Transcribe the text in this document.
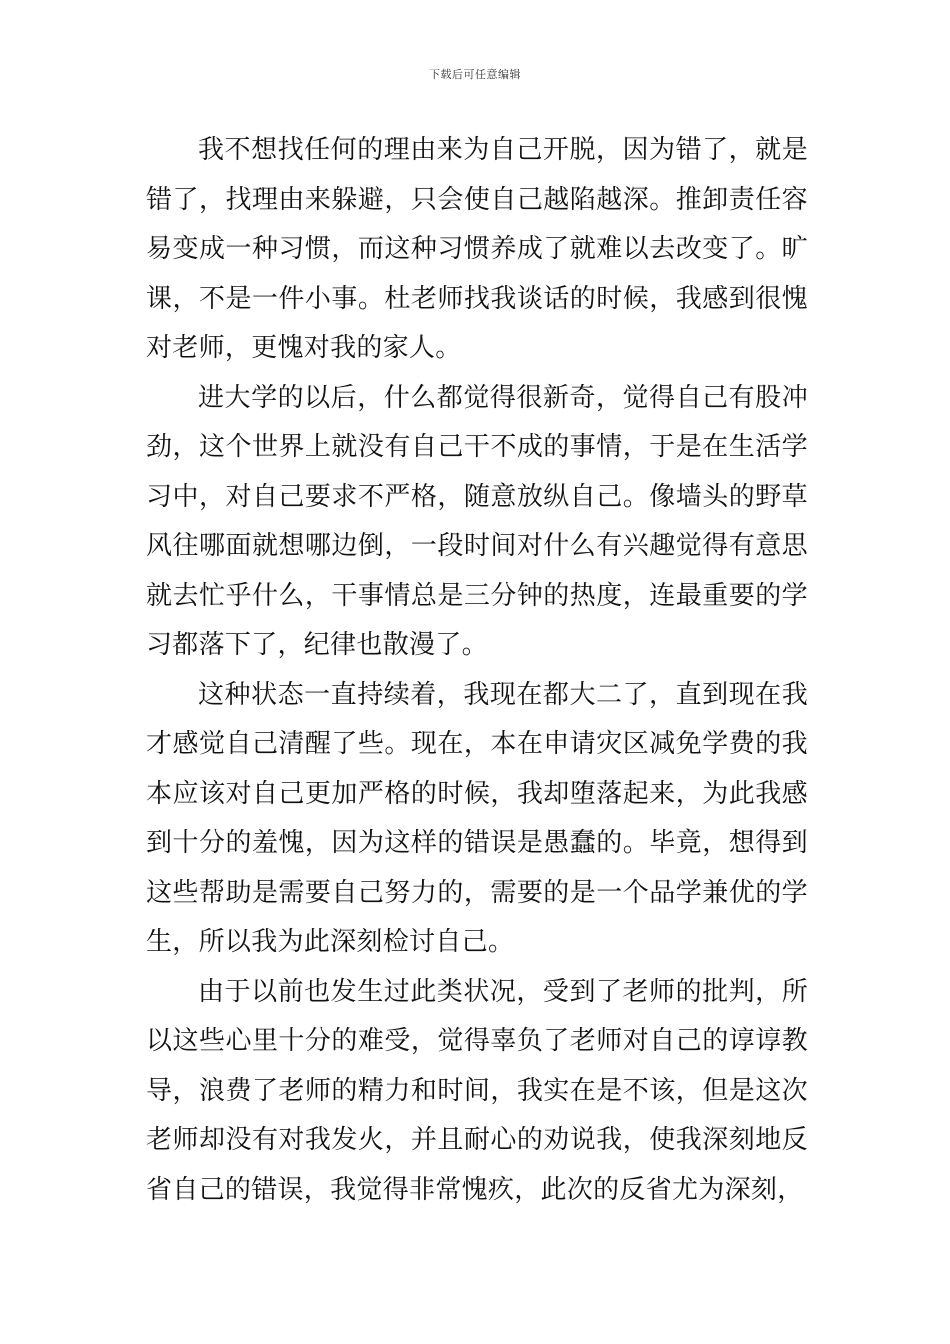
下载后可任意编辑

我不想找任何的理由来为自己开脱，因为错了，就是错了，找理由来躲避，只会使自己越陷越深。推卸责任容易变成一种习惯，而这种习惯养成了就难以去改变了。旷课，不是一件小事。杜老师找我谈话的时候，我感到很愧对老师，更愧对我的家人。

进大学的以后，什么都觉得很新奇，觉得自己有股冲劲，这个世界上就没有自己干不成的事情，于是在生活学习中，对自己要求不严格，随意放纵自己。像墙头的野草风往哪面就想哪边倒，一段时间对什么有兴趣觉得有意思就去忙乎什么，干事情总是三分钟的热度，连最重要的学习都落下了，纪律也散漫了。

这种状态一直持续着，我现在都大二了，直到现在我才感觉自己清醒了些。现在，本在申请灾区减免学费的我本应该对自己更加严格的时候，我却堕落起来，为此我感到十分的羞愧，因为这样的错误是愚蠢的。毕竟，想得到这些帮助是需要自己努力的，需要的是一个品学兼优的学生，所以我为此深刻检讨自己。

由于以前也发生过此类状况，受到了老师的批判，所以这些心里十分的难受，觉得辜负了老师对自己的谆谆教导，浪费了老师的精力和时间，我实在是不该，但是这次老师却没有对我发火，并且耐心的劝说我，使我深刻地反省自己的错误，我觉得非常愧疚，此次的反省尤为深刻，
